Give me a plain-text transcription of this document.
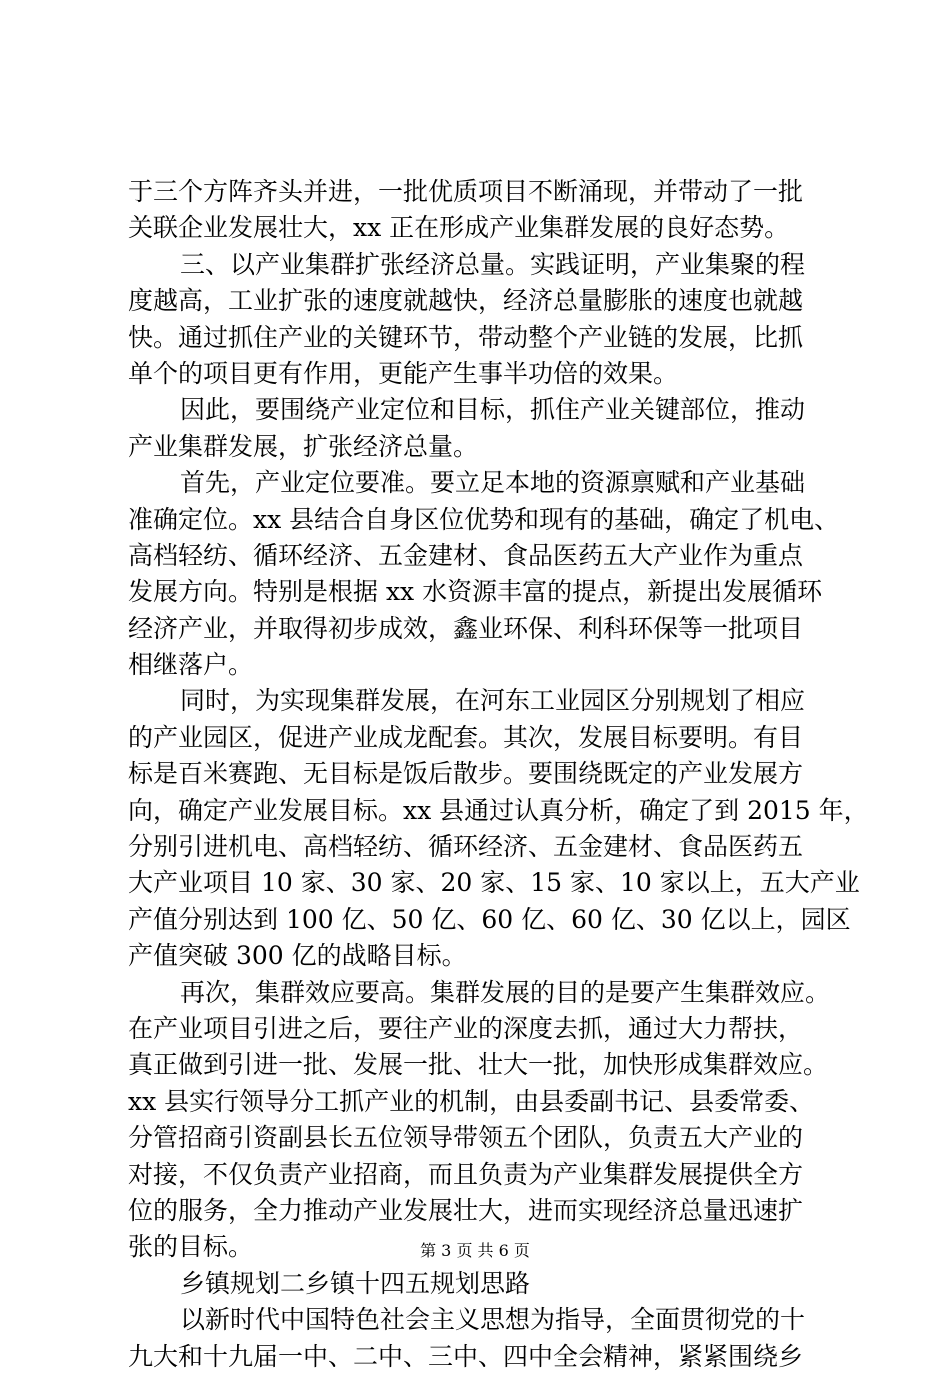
于三个方阵齐头并进，一批优质项目不断涌现，并带动了一批
关联企业发展壮大，xx 正在形成产业集群发展的良好态势。
三、以产业集群扩张经济总量。实践证明，产业集聚的程
度越高，工业扩张的速度就越快，经济总量膨胀的速度也就越
快。通过抓住产业的关键环节，带动整个产业链的发展，比抓
单个的项目更有作用，更能产生事半功倍的效果。
因此，要围绕产业定位和目标，抓住产业关键部位，推动
产业集群发展，扩张经济总量。
首先，产业定位要准。要立足本地的资源禀赋和产业基础
准确定位。xx 县结合自身区位优势和现有的基础，确定了机电、
高档轻纺、循环经济、五金建材、食品医药五大产业作为重点
发展方向。特别是根据 xx 水资源丰富的提点，新提出发展循环
经济产业，并取得初步成效，鑫业环保、利科环保等一批项目
相继落户。
同时，为实现集群发展，在河东工业园区分别规划了相应
的产业园区，促进产业成龙配套。其次，发展目标要明。有目
标是百米赛跑、无目标是饭后散步。要围绕既定的产业发展方
向，确定产业发展目标。xx 县通过认真分析，确定了到 2015 年，
分别引进机电、高档轻纺、循环经济、五金建材、食品医药五
大产业项目 10 家、30 家、20 家、15 家、10 家以上，五大产业
产值分别达到 100 亿、50 亿、60 亿、60 亿、30 亿以上，园区
产值突破 300 亿的战略目标。
再次，集群效应要高。集群发展的目的是要产生集群效应。
在产业项目引进之后，要往产业的深度去抓，通过大力帮扶，
真正做到引进一批、发展一批、壮大一批，加快形成集群效应。
xx 县实行领导分工抓产业的机制，由县委副书记、县委常委、
分管招商引资副县长五位领导带领五个团队，负责五大产业的
对接，不仅负责产业招商，而且负责为产业集群发展提供全方
位的服务，全力推动产业发展壮大，进而实现经济总量迅速扩
张的目标。
乡镇规划二乡镇十四五规划思路
以新时代中国特色社会主义思想为指导，全面贯彻党的十
九大和十九届一中、二中、三中、四中全会精神，紧紧围绕乡
第 3 页 共 6 页
